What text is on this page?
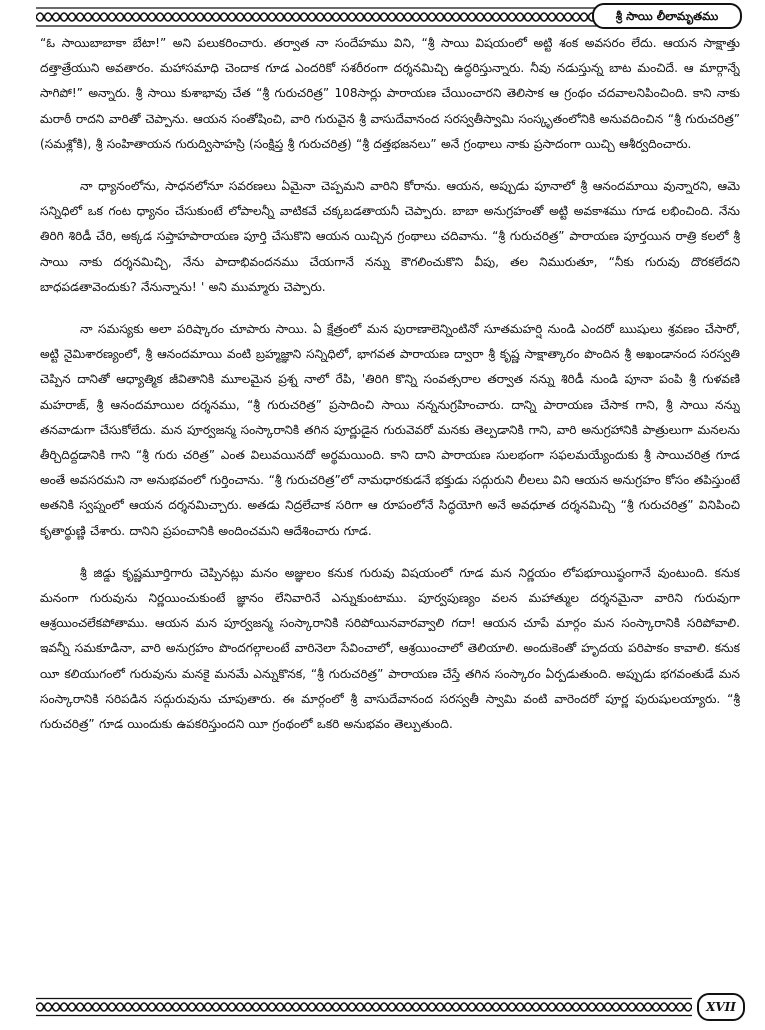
శ్రీ సాయి లీలామృతము

“ఓ సాయిబాబాకా బేటా!” అని పలుకరించారు. తర్వాత నా సందేహము విని, “శ్రీ సాయి విషయంలో అట్టి శంక అవసరం లేదు. ఆయన సాక్షాత్తు దత్తాత్రేయుని అవతారం. మహాసమాధి చెందాక గూడ ఎందరికో సశరీరంగా దర్శనమిచ్చి ఉద్ధరిస్తున్నారు. నీవు నడుస్తున్న బాట మంచిదే. ఆ మార్గాన్నే సాగిపో!” అన్నారు. శ్రీ సాయి కుశాభావు చేత “శ్రీ గురుచరిత్ర” 108సార్లు పారాయణ చేయించారని తెలిసాక ఆ గ్రంథం చదవాలనిపించింది. కాని నాకు మరాఠీ రాదని వారితో చెప్పాను. ఆయన సంతోషించి, వారి గురువైన శ్రీ వాసుదేవానంద సరస్వతీస్వామి సంస్కృతంలోనికి అనువదించిన “శ్రీ గురుచరిత్ర” (సమశ్లోకి), శ్రీ సంహితాయన గురుద్విసాహస్రి (సంక్షిప్త శ్రీ గురుచరిత్ర) “శ్రీ దత్తభజనలు” అనే గ్రంథాలు నాకు ప్రసాదంగా యిచ్చి ఆశీర్వదించారు.

నా ధ్యానంలోను, సాధనలోనూ సవరణలు ఏమైనా చెప్పమని వారిని కోరాను. ఆయన, అప్పుడు పూనాలో శ్రీ ఆనందమాయి వున్నారని, ఆమె సన్నిధిలో ఒక గంట ధ్యానం చేసుకుంటే లోపాలన్నీ వాటికవే చక్కబడతాయనీ చెప్పారు. బాబా అనుగ్రహంతో అట్టి అవకాశము గూడ లభించింది. నేను తిరిగి శిరిడీ చేరి, అక్కడ సప్తాహపారాయణ పూర్తి చేసుకొని ఆయన యిచ్చిన గ్రంథాలు చదివాను. “శ్రీ గురుచరిత్ర” పారాయణ పూర్తయిన రాత్రి కలలో శ్రీ సాయి నాకు దర్శనమిచ్చి, నేను పాదాభివందనము చేయగానే నన్ను కౌగలించుకొని వీపు, తల నిమురుతూ, “నీకు గురువు దొరకలేదని బాధపడతావెందుకు? నేనున్నాను! ' అని ముమ్మారు చెప్పారు.

నా సమస్యకు అలా పరిష్కారం చూపారు సాయి. ఏ క్షేత్రంలో మన పురాణాలెన్నింటినో సూతమహర్షి నుండి ఎందరో ఋషులు శ్రవణం చేసారో, అట్టి నైమిశారణ్యంలో, శ్రీ ఆనందమాయి వంటి బ్రహ్మజ్ఞాని సన్నిధిలో, భాగవత పారాయణ ద్వారా శ్రీ కృష్ణ సాక్షాత్కారం పొందిన శ్రీ అఖండానంద సరస్వతి చెప్పిన దానితో ఆధ్యాత్మిక జీవితానికి మూలమైన ప్రశ్న నాలో రేపి, 'తిరిగి కొన్ని సంవత్సరాల తర్వాత నన్ను శిరిడీ నుండి పూనా పంపి శ్రీ గుళవణి మహరాజ్, శ్రీ ఆనందమాయిల దర్శనము, “శ్రీ గురుచరిత్ర” ప్రసాదించి సాయి నన్ననుగ్రహించారు. దాన్ని పారాయణ చేసాక గాని, శ్రీ సాయి నన్ను తనవాడుగా చేసుకోలేదు. మన పూర్వజన్మ సంస్కారానికి తగిన పూర్ణుడైన గురువెవరో మనకు తెల్పడానికి గాని, వారి అనుగ్రహానికి పాత్రులుగా మనలను తీర్చిదిద్దడానికి గాని “శ్రీ గురు చరిత్ర” ఎంత విలువయినదో అర్థమయింది. కాని దాని పారాయణ సులభంగా సఫలమయ్యేందుకు శ్రీ సాయిచరిత్ర గూడ అంతే అవసరమని నా అనుభవంలో గుర్తించాను. “శ్రీ గురుచరిత్ర”లో నామధారకుడనే భక్తుడు సద్గురుని లీలలు విని ఆయన అనుగ్రహం కోసం తపిస్తుంటే అతనికి స్వప్నంలో ఆయన దర్శనమిచ్చారు. అతడు నిద్రలేచాక సరిగా ఆ రూపంలోనే సిద్ధయోగి అనే అవధూత దర్శనమిచ్చి “శ్రీ గురుచరిత్ర” వినిపించి కృతార్థుణ్ణి చేశారు. దానిని ప్రపంచానికి అందించమని ఆదేశించారు గూడ.

శ్రీ జిడ్డు కృష్ణమూర్తిగారు చెప్పినట్లు మనం అజ్ఞులం కనుక గురువు విషయంలో గూడ మన నిర్ణయం లోపభూయిష్ఠంగానే వుంటుంది. కనుక మనంగా గురువును నిర్ణయించుకుంటే జ్ఞానం లేనివారినే ఎన్నుకుంటాము. పూర్వపుణ్యం వలన మహాత్ముల దర్శనమైనా వారిని గురువుగా ఆశ్రయించలేకపోతాము. ఆయన మన పూర్వజన్మ సంస్కారానికి సరిపోయినవారవ్వాలి గదా! ఆయన చూపే మార్గం మన సంస్కారానికి సరిపోవాలి. ఇవన్నీ సమకూడినా, వారి అనుగ్రహం పొందగల్గాలంటే వారినెలా సేవించాలో, ఆశ్రయించాలో తెలియాలి. అందుకెంతో హృదయ పరిపాకం కావాలి. కనుక యీ కలియుగంలో గురువును మనకై మనమే ఎన్నుకొనక, “శ్రీ గురుచరిత్ర” పారాయణ చేస్తే తగిన సంస్కారం ఏర్పడుతుంది. అప్పుడు భగవంతుడే మన సంస్కారానికి సరిపడిన సద్గురువును చూపుతారు. ఈ మార్గంలో శ్రీ వాసుదేవానంద సరస్వతీ స్వామి వంటి వారెందరో పూర్ణ పురుషులయ్యారు. “శ్రీ గురుచరిత్ర” గూడ యిందుకు ఉపకరిస్తుందని యీ గ్రంథంలో ఒకరి అనుభవం తెల్పుతుంది.

XVII
